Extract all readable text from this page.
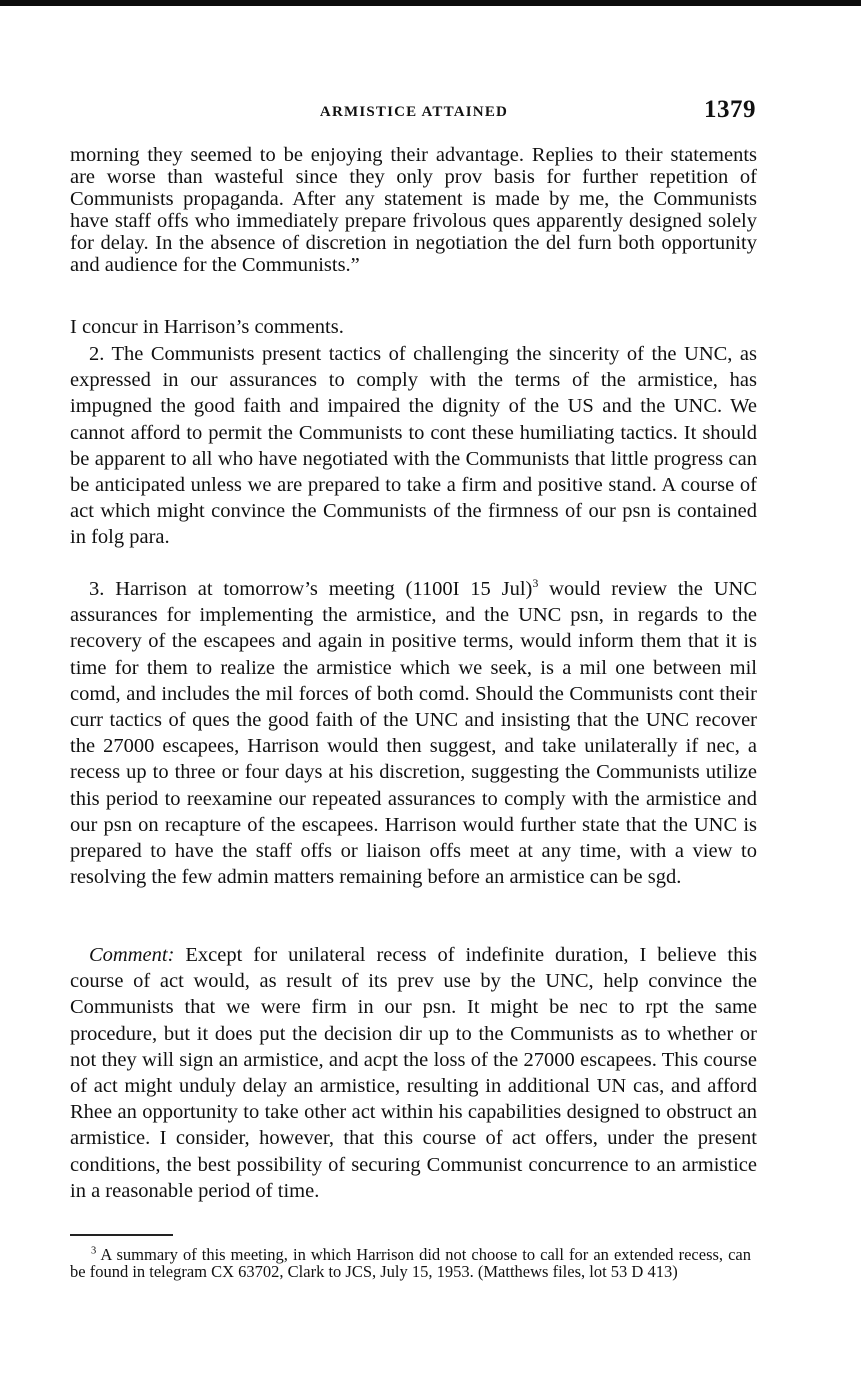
ARMISTICE ATTAINED	1379

morning they seemed to be enjoying their advantage. Replies to their statements are worse than wasteful since they only prov basis for further repetition of Communists propaganda. After any statement is made by me, the Communists have staff offs who immediately prepare frivolous ques apparently designed solely for delay. In the absence of discretion in negotiation the del furn both opportunity and audience for the Communists.”

I concur in Harrison’s comments.

2. The Communists present tactics of challenging the sincerity of the UNC, as expressed in our assurances to comply with the terms of the armistice, has impugned the good faith and impaired the dignity of the US and the UNC. We cannot afford to permit the Communists to cont these humiliating tactics. It should be apparent to all who have negotiated with the Communists that little progress can be anticipated unless we are prepared to take a firm and positive stand. A course of act which might convince the Communists of the firmness of our psn is contained in folg para.

3. Harrison at tomorrow’s meeting (1100I 15 Jul)$^3$ would review the UNC assurances for implementing the armistice, and the UNC psn, in regards to the recovery of the escapees and again in positive terms, would inform them that it is time for them to realize the armistice which we seek, is a mil one between mil comd, and includes the mil forces of both comd. Should the Communists cont their curr tactics of ques the good faith of the UNC and insisting that the UNC recover the 27000 escapees, Harrison would then suggest, and take unilaterally if nec, a recess up to three or four days at his discretion, suggesting the Communists utilize this period to reexamine our repeated assurances to comply with the armistice and our psn on recapture of the escapees. Harrison would further state that the UNC is prepared to have the staff offs or liaison offs meet at any time, with a view to resolving the few admin matters remaining before an armistice can be sgd.

Comment: Except for unilateral recess of indefinite duration, I believe this course of act would, as result of its prev use by the UNC, help convince the Communists that we were firm in our psn. It might be nec to rpt the same procedure, but it does put the decision dir up to the Communists as to whether or not they will sign an armistice, and acpt the loss of the 27000 escapees. This course of act might unduly delay an armistice, resulting in additional UN cas, and afford Rhee an opportunity to take other act within his capabilities designed to obstruct an armistice. I consider, however, that this course of act offers, under the present conditions, the best possibility of securing Communist concurrence to an armistice in a reasonable period of time.

$^3$ A summary of this meeting, in which Harrison did not choose to call for an extended recess, can be found in telegram CX 63702, Clark to JCS, July 15, 1953. (Matthews files, lot 53 D 413)
